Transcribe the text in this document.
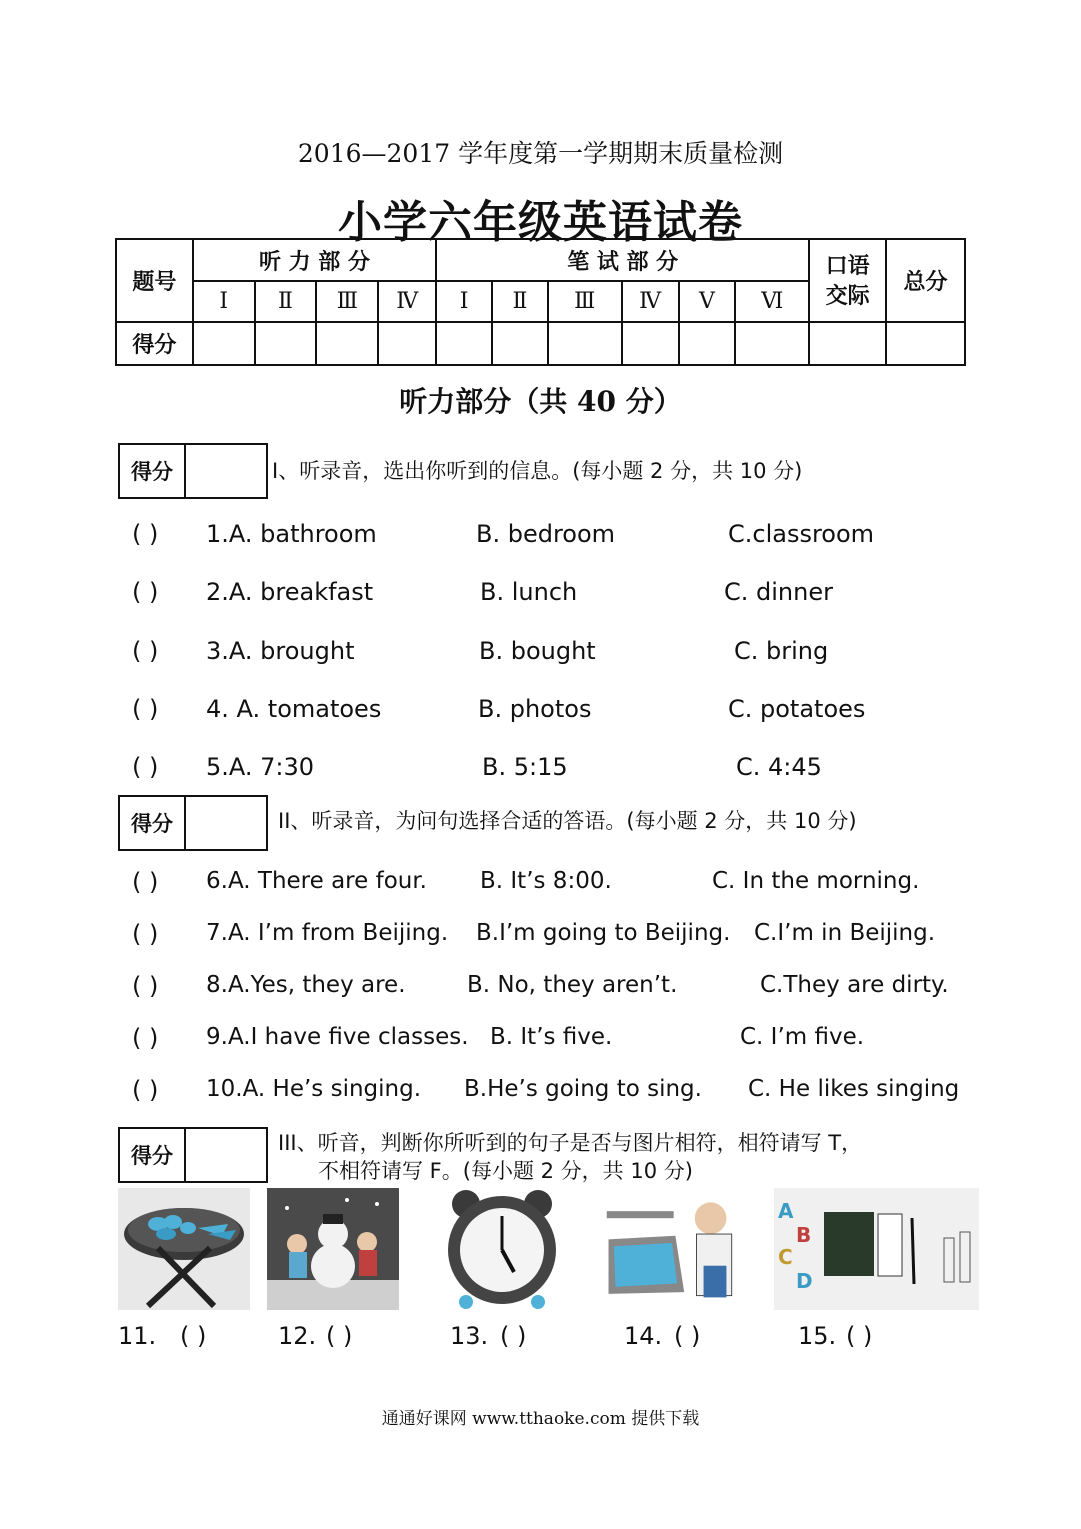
2016—2017 学年度第一学期期末质量检测
小学六年级英语试卷
题号	听 力 部 分				笔 试 部 分						口语交际	总分
	Ⅰ	Ⅱ	Ⅲ	Ⅳ	Ⅰ	Ⅱ	Ⅲ	Ⅳ	Ⅴ	Ⅵ		
得分												
听力部分（共 40 分）
得分	Ⅰ、听录音，选出你听到的信息。(每小题 2 分，共 10 分)
( ) 1.A. bathroom	B. bedroom	C.classroom
( ) 2.A. breakfast	B. lunch	C. dinner
( ) 3.A. brought	B. bought	C. bring
( ) 4. A. tomatoes	B. photos	C. potatoes
( ) 5.A. 7:30	B. 5:15	C. 4:45
得分	II、听录音，为问句选择合适的答语。(每小题 2 分，共 10 分)
( ) 6.A. There are four. B. It’s 8:00.	C. In the morning.
( ) 7.A. I’m from Beijing. B.I’m going to Beijing. C.I’m in Beijing.
( ) 8.A.Yes, they are.	B. No, they aren’t.	C.They are dirty.
( ) 9.A.I have five classes. B. It’s five.	C. I’m five.
( ) 10.A. He’s singing. B.He’s going to sing. C. He likes singing
得分	III、听音，判断你所听到的句子是否与图片相符，相符请写 T，
不相符请写 F。(每小题 2 分，共 10 分)
A
B
C
D
11. ( )	12. ( )	13. ( )	14. ( )	15. ( )
通通好课网 www.tthaoke.com 提供下载
